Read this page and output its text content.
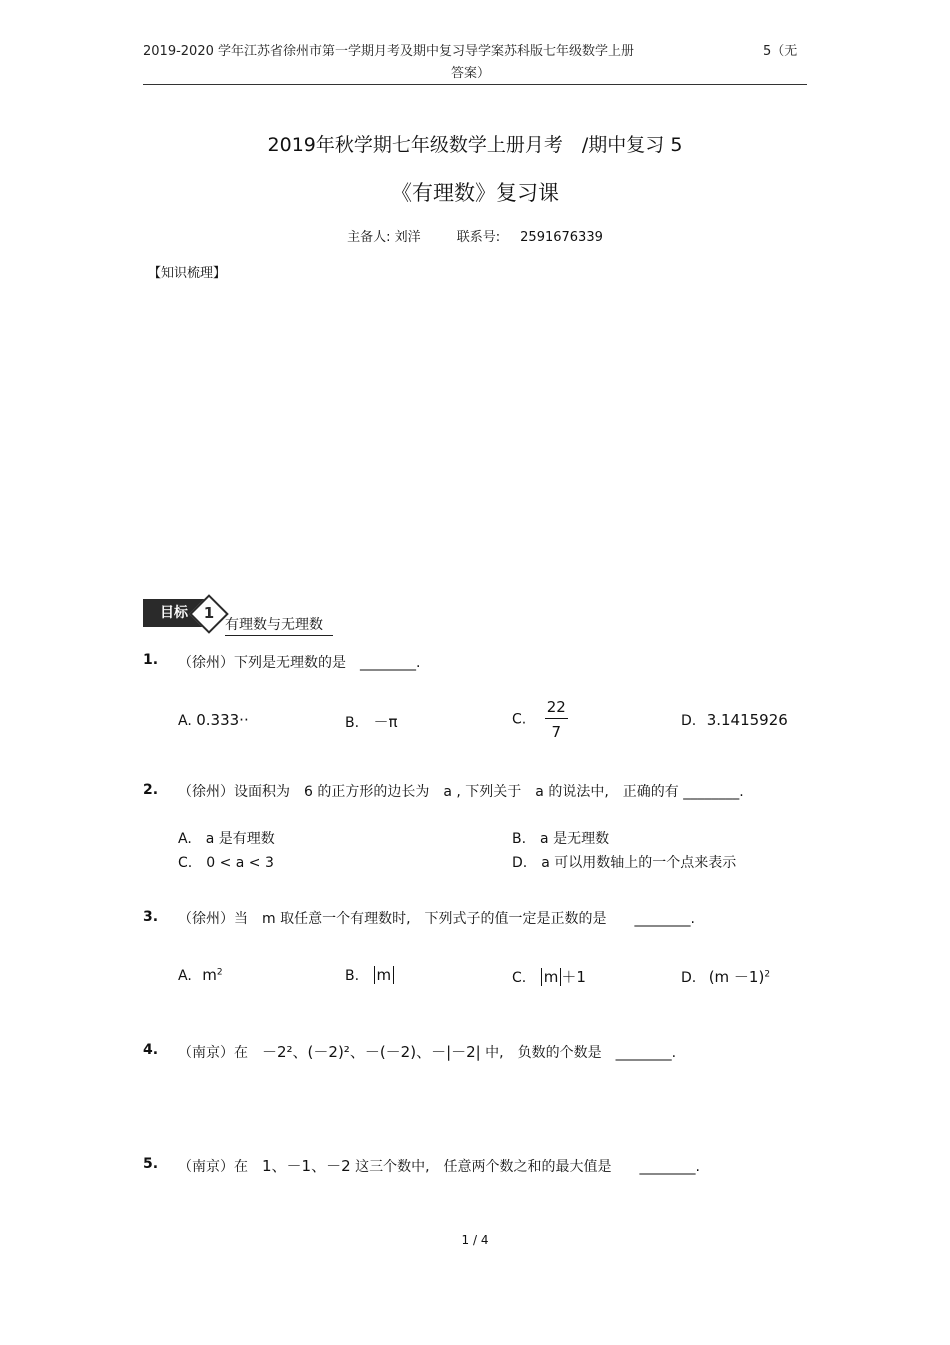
2019-2020 学年江苏省徐州市第一学期月考及期中复习导学案苏科版七年级数学上册	5（无
答案）
2019年秋学期七年级数学上册月考　/期中复习 5
《有理数》复习课
主备人: 刘洋	联系号: 2591676339
【知识梳理】
目标	1
有理数与无理数
1. （徐州）下列是无理数的是　________.
A. 0.333··	B. －π	C. $\frac{22}{7}$	D. 3.1415926
2. （徐州）设面积为　6 的正方形的边长为　a , 下列关于　a 的说法中,　正确的有 ________.
A.　a 是有理数	B.　a 是无理数
C.　0 < a < 3	D.　a 可以用数轴上的一个点来表示
3. （徐州）当　m 取任意一个有理数时,　下列式子的值一定是正数的是　　________.
A. $m^2$	B. m	C. m ＋1	D. $(m -1)^2$
4. （南京）在　－2²、(－2)²、－(－2)、－|－2| 中,　负数的个数是　________.
5. （南京）在　1、－1、－2 这三个数中,　任意两个数之和的最大值是　　________.
1 / 4
